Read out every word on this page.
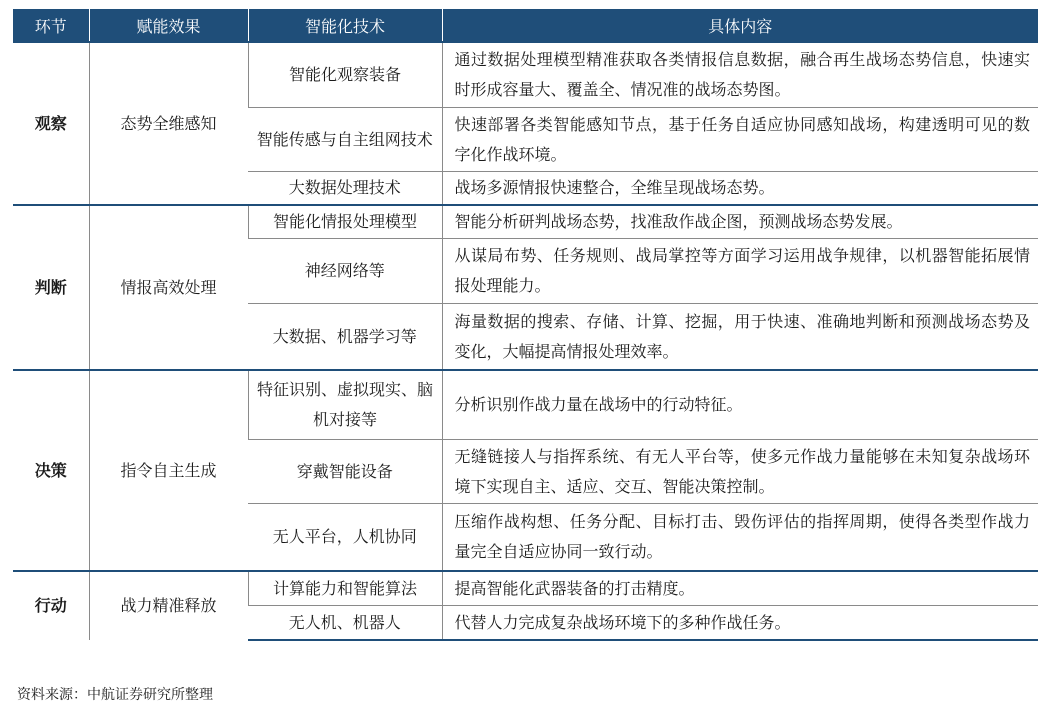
环节	赋能效果	智能化技术	具体内容
观察	态势全维感知	智能化观察装备	通过数据处理模型精准获取各类情报信息数据，融合再生战场态势信息，快速实时形成容量大、覆盖全、情况准的战场态势图。
		智能传感与自主组网技术	快速部署各类智能感知节点，基于任务自适应协同感知战场，构建透明可见的数字化作战环境。
		大数据处理技术	战场多源情报快速整合，全维呈现战场态势。
判断	情报高效处理	智能化情报处理模型	智能分析研判战场态势，找准敌作战企图，预测战场态势发展。
		神经网络等	从谋局布势、任务规则、战局掌控等方面学习运用战争规律，以机器智能拓展情报处理能力。
		大数据、机器学习等	海量数据的搜索、存储、计算、挖掘，用于快速、准确地判断和预测战场态势及变化，大幅提高情报处理效率。
决策	指令自主生成	特征识别、虚拟现实、脑机对接等	分析识别作战力量在战场中的行动特征。
		穿戴智能设备	无缝链接人与指挥系统、有无人平台等，使多元作战力量能够在未知复杂战场环境下实现自主、适应、交互、智能决策控制。
		无人平台，人机协同	压缩作战构想、任务分配、目标打击、毁伤评估的指挥周期，使得各类型作战力量完全自适应协同一致行动。
行动	战力精准释放	计算能力和智能算法	提高智能化武器装备的打击精度。
		无人机、机器人	代替人力完成复杂战场环境下的多种作战任务。
资料来源：中航证券研究所整理
